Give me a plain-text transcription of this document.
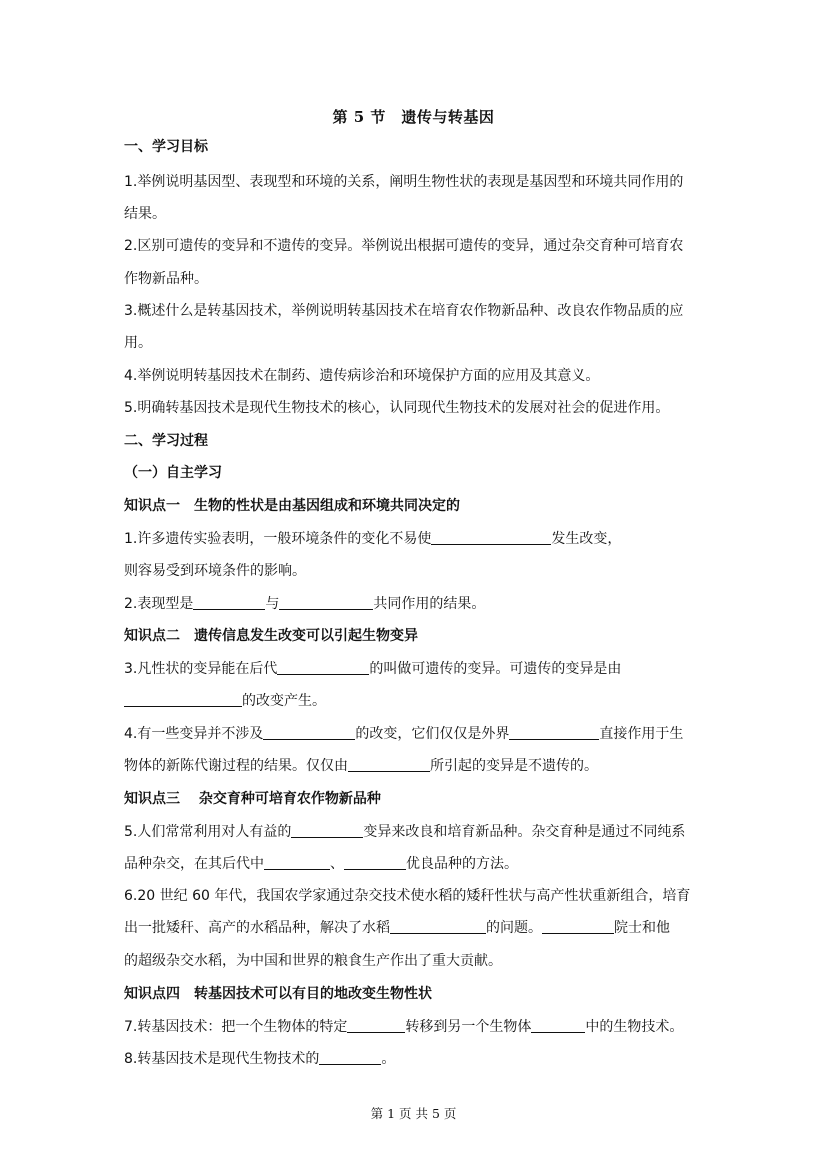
第 5 节　遗传与转基因
一、学习目标
1.举例说明基因型、表现型和环境的关系，阐明生物性状的表现是基因型和环境共同作用的
结果。
2.区别可遗传的变异和不遗传的变异。举例说出根据可遗传的变异，通过杂交育种可培育农
作物新品种。
3.概述什么是转基因技术，举例说明转基因技术在培育农作物新品种、改良农作物品质的应
用。
4.举例说明转基因技术在制药、遗传病诊治和环境保护方面的应用及其意义。
5.明确转基因技术是现代生物技术的核心，认同现代生物技术的发展对社会的促进作用。
二、学习过程
（一）自主学习
知识点一　生物的性状是由基因组成和环境共同决定的
1.许多遗传实验表明，一般环境条件的变化不易使	发生改变，
则容易受到环境条件的影响。
2.表现型是	与	共同作用的结果。
知识点二　遗传信息发生改变可以引起生物变异
3.凡性状的变异能在后代	的叫做可遗传的变异。可遗传的变异是由
的改变产生。
4.有一些变异并不涉及	的改变，它们仅仅是外界	直接作用于生
物体的新陈代谢过程的结果。仅仅由	所引起的变异是不遗传的。
知识点三　 杂交育种可培育农作物新品种
5.人们常常利用对人有益的	变异来改良和培育新品种。杂交育种是通过不同纯系
品种杂交，在其后代中	、	优良品种的方法。
6.20 世纪 60 年代，我国农学家通过杂交技术使水稻的矮秆性状与高产性状重新组合，培育
出一批矮秆、高产的水稻品种，解决了水稻	的问题。	院士和他
的超级杂交水稻，为中国和世界的粮食生产作出了重大贡献。
知识点四　转基因技术可以有目的地改变生物性状
7.转基因技术：把一个生物体的特定	转移到另一个生物体	中的生物技术。
8.转基因技术是现代生物技术的	。
第 1 页 共 5 页
